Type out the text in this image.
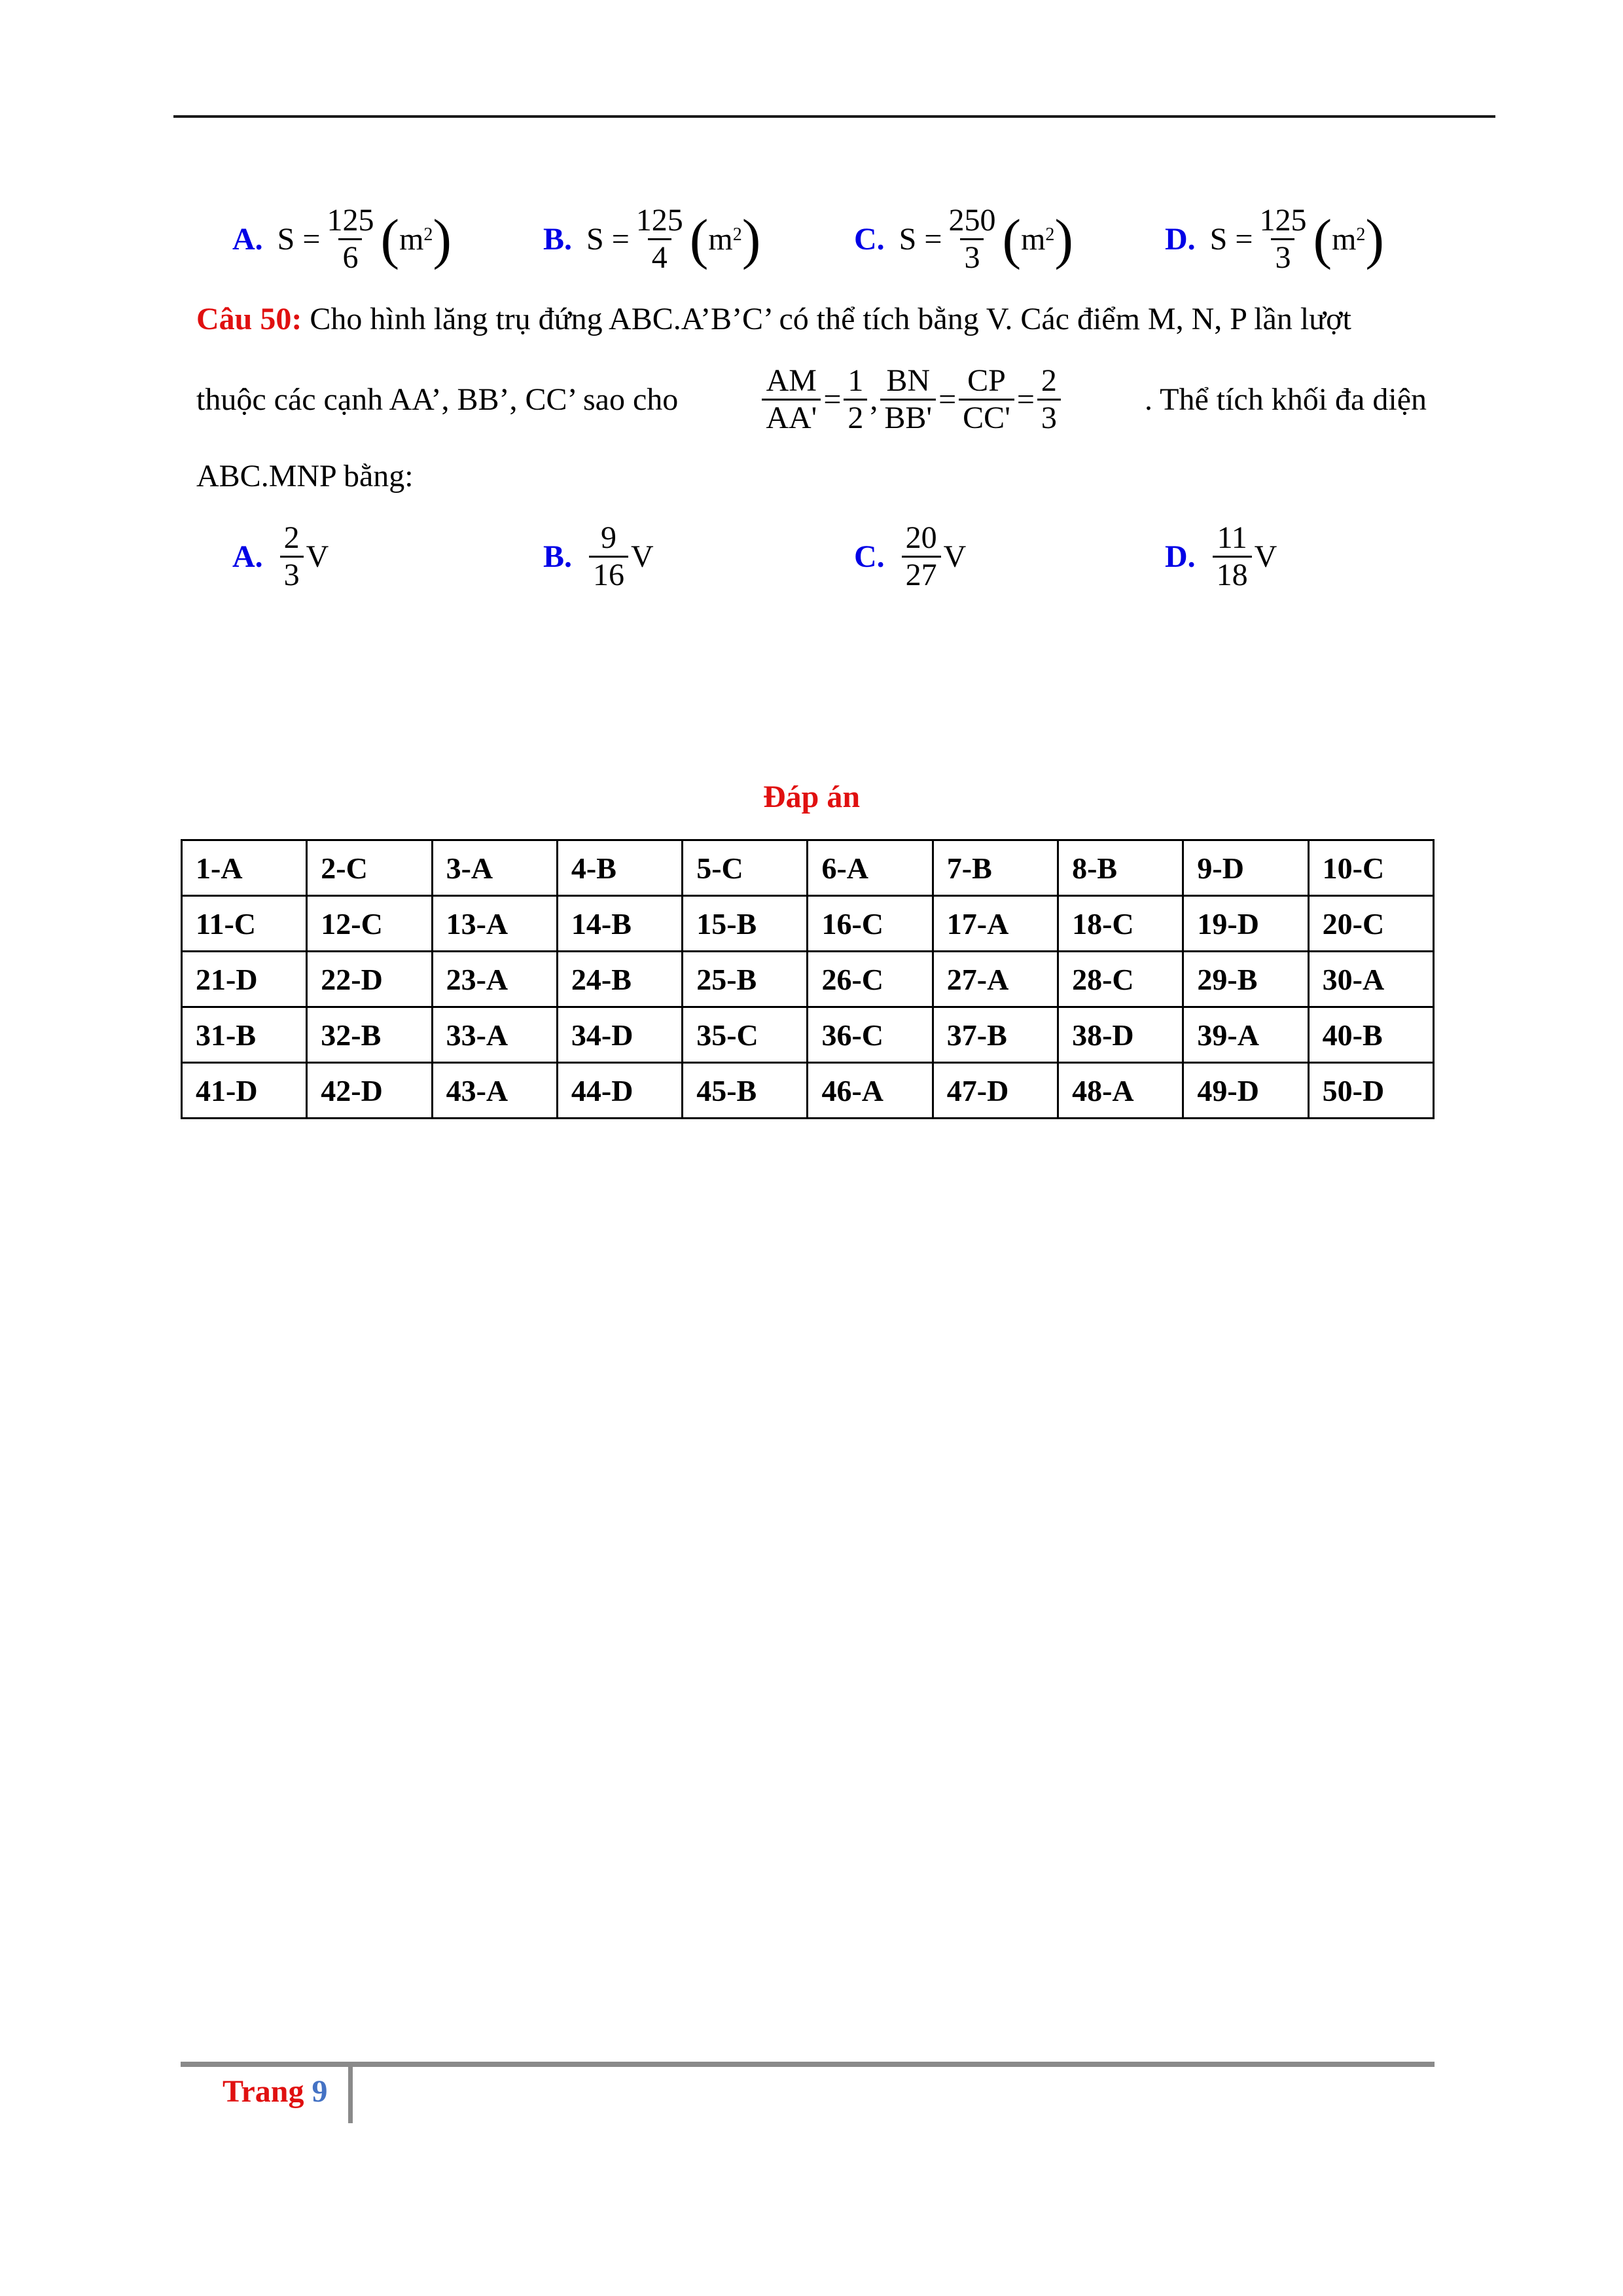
A. $S = \frac{125}{6}$ ( $m^2$ )	B. $S = \frac{125}{4}$ ( $m^2$ )	C. $S = \frac{250}{3}$ ( $m^2$ )	D. $S = \frac{125}{3}$ ( $m^2$ )
Câu 50: Cho hình lăng trụ đứng ABC.A’B’C’ có thể tích bằng V. Các điểm M, N, P lần lượt
thuộc các cạnh AA’, BB’, CC’ sao cho	$\frac{AM}{AA'} = \frac{1}{2}$ , $\frac{BN}{BB'} = \frac{CP}{CC'} = \frac{2}{3}$	. Thể tích khối đa diện
ABC.MNP bằng:
A. $\frac{2}{3}$ V	B. $\frac{9}{16}$ V	C. $\frac{20}{27}$ V	D. $\frac{11}{18}$ V
Đáp án
1-A	2-C	3-A	4-B	5-C	6-A	7-B	8-B	9-D	10-C
11-C	12-C	13-A	14-B	15-B	16-C	17-A	18-C	19-D	20-C
21-D	22-D	23-A	24-B	25-B	26-C	27-A	28-C	29-B	30-A
31-B	32-B	33-A	34-D	35-C	36-C	37-B	38-D	39-A	40-B
41-D	42-D	43-A	44-D	45-B	46-A	47-D	48-A	49-D	50-D
Trang 9
